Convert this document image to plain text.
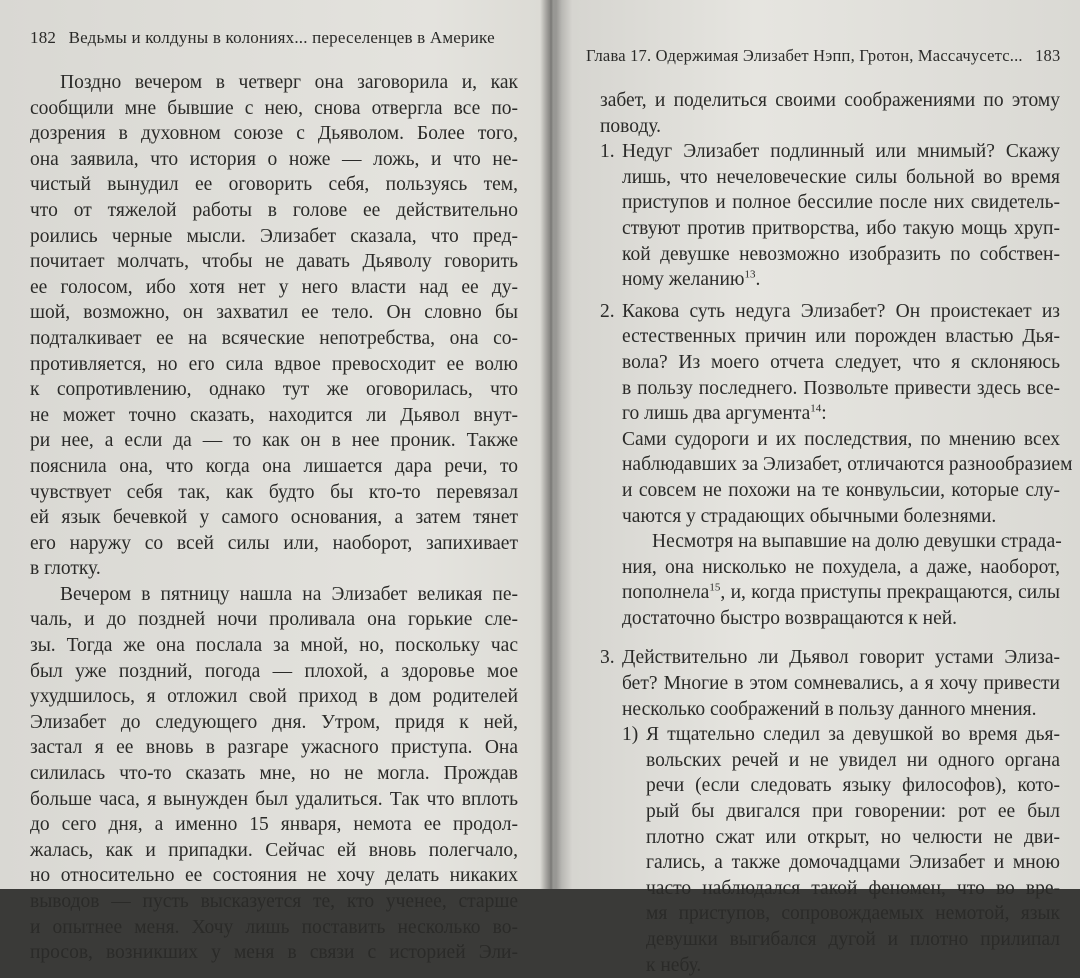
182 Ведьмы и колдуны в колониях... переселенцев в Америке
Поздно вечером в четверг она заговорила и, как
сообщили мне бывшие с нею, снова отвергла все по-
дозрения в духовном союзе с Дьяволом. Более того,
она заявила, что история о ноже — ложь, и что не-
чистый вынудил ее оговорить себя, пользуясь тем,
что от тяжелой работы в голове ее действительно
роились черные мысли. Элизабет сказала, что пред-
почитает молчать, чтобы не давать Дьяволу говорить
ее голосом, ибо хотя нет у него власти над ее ду-
шой, возможно, он захватил ее тело. Он словно бы
подталкивает ее на всяческие непотребства, она со-
противляется, но его сила вдвое превосходит ее волю
к сопротивлению, однако тут же оговорилась, что
не может точно сказать, находится ли Дьявол внут-
ри нее, а если да — то как он в нее проник. Также
пояснила она, что когда она лишается дара речи, то
чувствует себя так, как будто бы кто-то перевязал
ей язык бечевкой у самого основания, а затем тянет
его наружу со всей силы или, наоборот, запихивает
в глотку.
Вечером в пятницу нашла на Элизабет великая пе-
чаль, и до поздней ночи проливала она горькие сле-
зы. Тогда же она послала за мной, но, поскольку час
был уже поздний, погода — плохой, а здоровье мое
ухудшилось, я отложил свой приход в дом родителей
Элизабет до следующего дня. Утром, придя к ней,
застал я ее вновь в разгаре ужасного приступа. Она
силилась что-то сказать мне, но не могла. Прождав
больше часа, я вынужден был удалиться. Так что вплоть
до сего дня, а именно 15 января, немота ее продол-
жалась, как и припадки. Сейчас ей вновь полегчало,
но относительно ее состояния не хочу делать никаких
выводов — пусть высказуется те, кто ученее, старше
и опытнее меня. Хочу лишь поставить несколько во-
просов, возникших у меня в связи с историей Эли-
Глава 17. Одержимая Элизабет Нэпп, Гротон, Массачусетс... 183
забет, и поделиться своими соображениями по этому
поводу.
1. Недуг Элизабет подлинный или мнимый? Скажу
лишь, что нечеловеческие силы больной во время
приступов и полное бессилие после них свидетель-
ствуют против притворства, ибо такую мощь хруп-
кой девушке невозможно изобразить по собствен-
ному желанию$^{13}$.
2. Какова суть недуга Элизабет? Он проистекает из
естественных причин или порожден властью Дья-
вола? Из моего отчета следует, что я склоняюсь
в пользу последнего. Позвольте привести здесь все-
го лишь два аргумента$^{14}$:
Сами судороги и их последствия, по мнению всех
наблюдавших за Элизабет, отличаются разнообразием
и совсем не похожи на те конвульсии, которые слу-
чаются у страдающих обычными болезнями.
Несмотря на выпавшие на долю девушки страда-
ния, она нисколько не похудела, а даже, наоборот,
пополнела$^{15}$, и, когда приступы прекращаются, силы
достаточно быстро возвращаются к ней.
3. Действительно ли Дьявол говорит устами Элиза-
бет? Многие в этом сомневались, а я хочу привести
несколько соображений в пользу данного мнения.
1) Я тщательно следил за девушкой во время дья-
вольских речей и не увидел ни одного органа
речи (если следовать языку философов), кото-
рый бы двигался при говорении: рот ее был
плотно сжат или открыт, но челюсти не дви-
гались, а также домочадцами Элизабет и мною
часто наблюдался такой феномен, что во вре-
мя приступов, сопровождаемых немотой, язык
девушки выгибался дугой и плотно прилипал
к небу.
